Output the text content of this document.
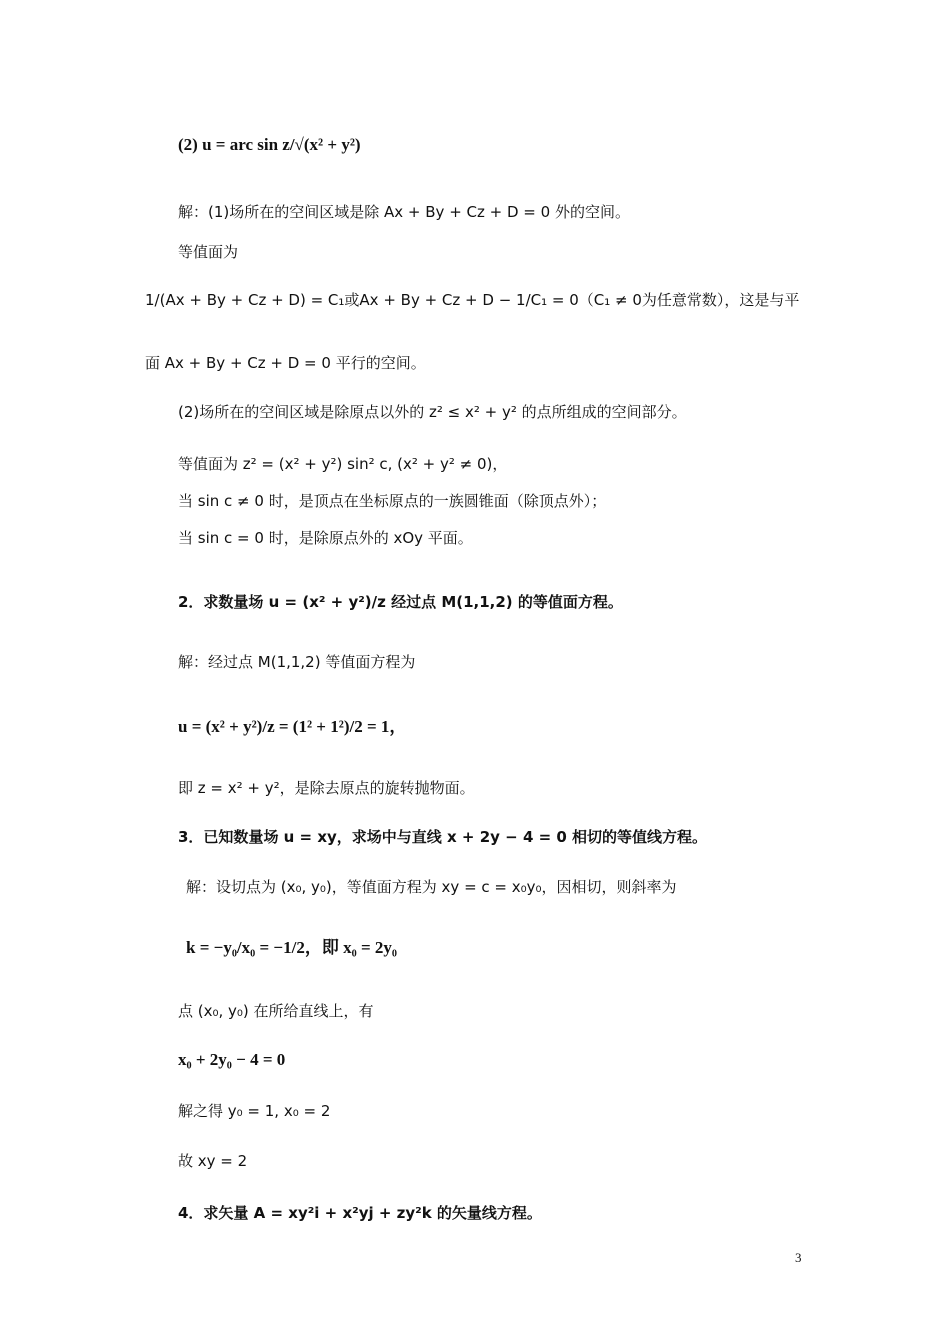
(2) u = arc sin z/√(x² + y²)
解：(1)场所在的空间区域是除 Ax + By + Cz + D = 0 外的空间。
等值面为
1/(Ax + By + Cz + D) = C₁或Ax + By + Cz + D − 1/C₁ = 0（C₁ ≠ 0为任意常数），这是与平
面 Ax + By + Cz + D = 0 平行的空间。
(2)场所在的空间区域是除原点以外的 z² ≤ x² + y² 的点所组成的空间部分。
等值面为 z² = (x² + y²) sin² c, (x² + y² ≠ 0)，
当 sin c ≠ 0 时，是顶点在坐标原点的一族圆锥面（除顶点外）；
当 sin c = 0 时，是除原点外的 xOy 平面。
2．求数量场 u = (x² + y²)/z 经过点 M(1,1,2) 的等值面方程。
解：经过点 M(1,1,2) 等值面方程为
u = (x² + y²)/z = (1² + 1²)/2 = 1，
即 z = x² + y²，是除去原点的旋转抛物面。
3．已知数量场 u = xy，求场中与直线 x + 2y − 4 = 0 相切的等值线方程。
解：设切点为 (x₀, y₀)，等值面方程为 xy = c = x₀y₀，因相切，则斜率为
k = −y₀/x₀ = −1/2，即 x₀ = 2y₀
点 (x₀, y₀) 在所给直线上，有
x₀ + 2y₀ − 4 = 0
解之得 y₀ = 1, x₀ = 2
故 xy = 2
4．求矢量 A = xy²i + x²yj + zy²k 的矢量线方程。
3
